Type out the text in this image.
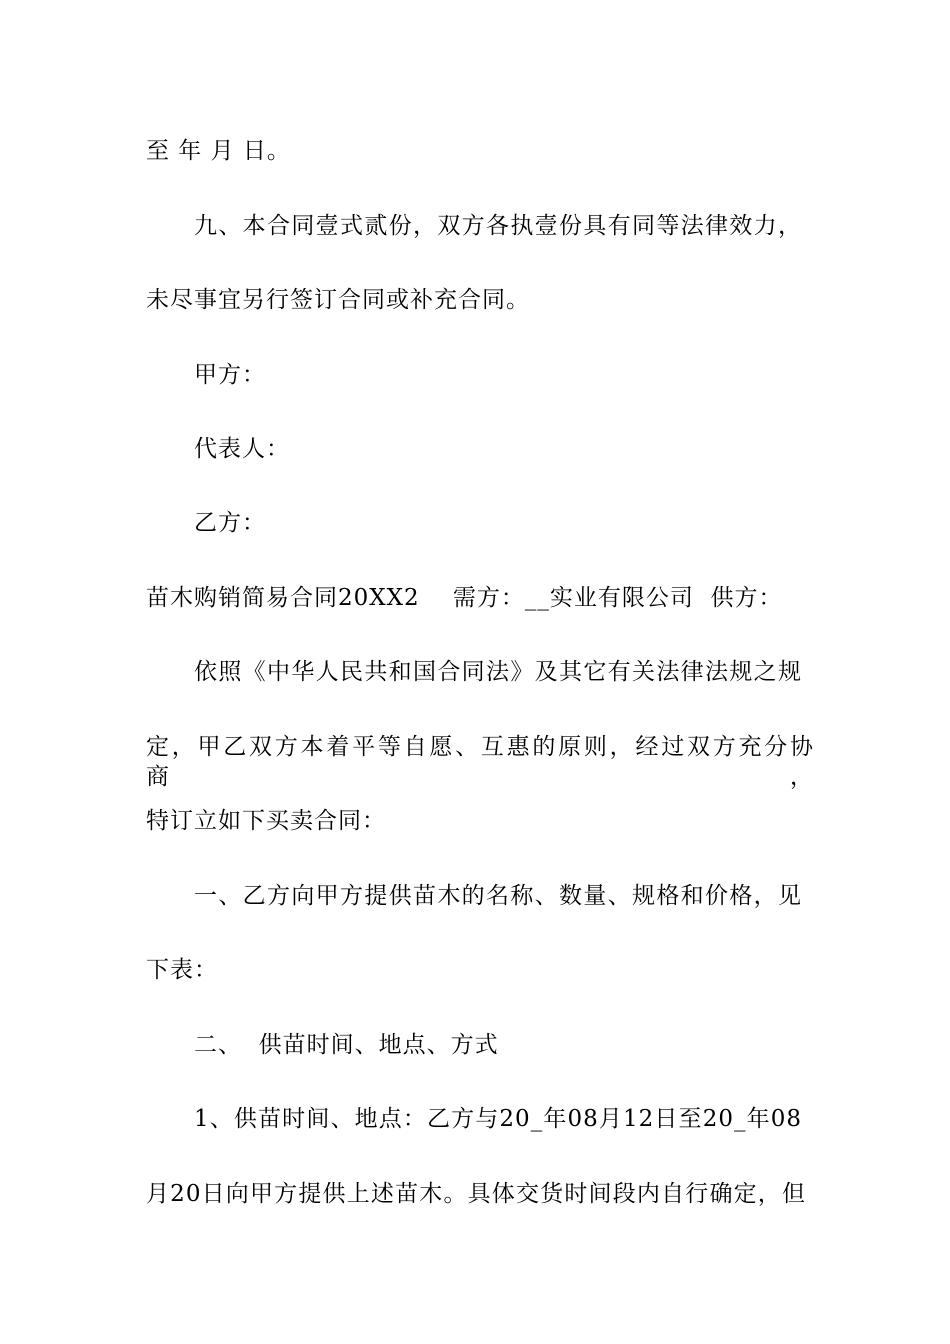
至 年 月 日。
九、本合同壹式贰份，双方各执壹份具有同等法律效力，
未尽事宜另行签订合同或补充合同。
甲方：
代表人：
乙方：
苗木购销简易合同20XX2    需方：__实业有限公司  供方：
依照《中华人民共和国合同法》及其它有关法律法规之规
定，甲乙双方本着平等自愿、互惠的原则，经过双方充分协商，
特订立如下买卖合同：
一、乙方向甲方提供苗木的名称、数量、规格和价格，见
下表：
二、  供苗时间、地点、方式
1、供苗时间、地点：乙方与20_年08月12日至20_年08
月20日向甲方提供上述苗木。具体交货时间段内自行确定，但
